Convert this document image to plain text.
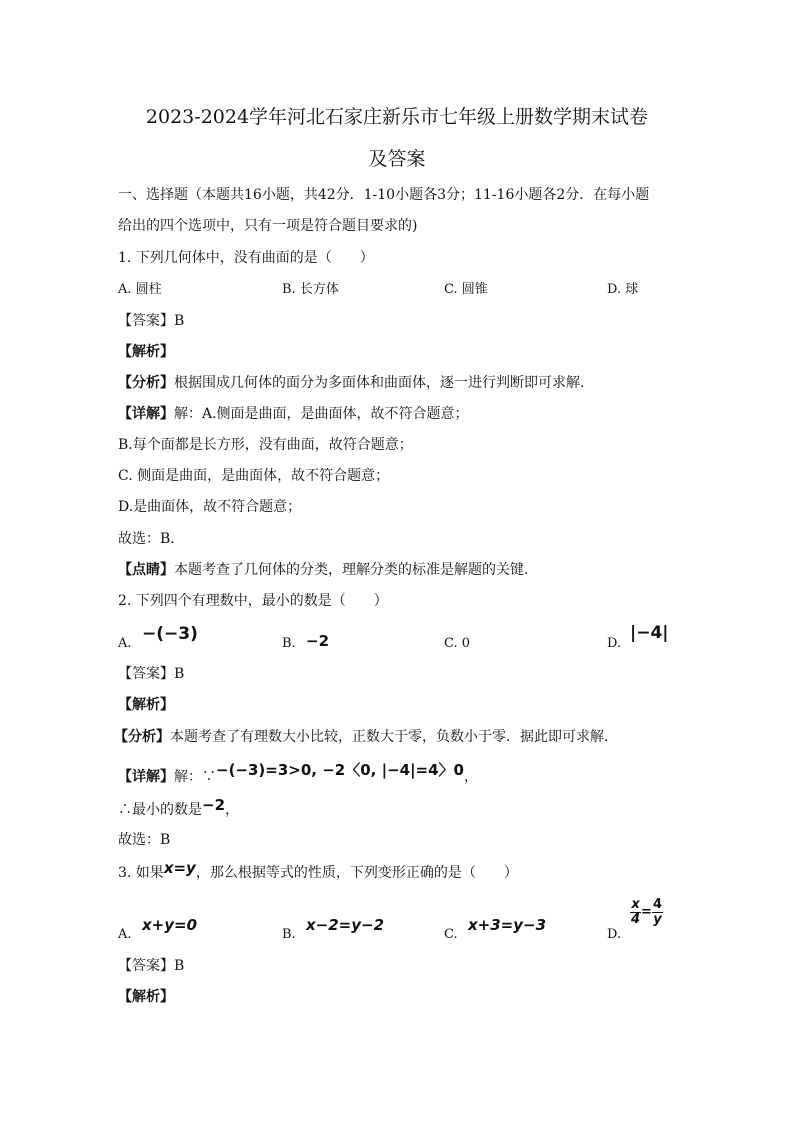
2023-2024学年河北石家庄新乐市七年级上册数学期末试卷
及答案
一、选择题（本题共16小题，共42分．1-10小题各3分；11-16小题各2分．在每小题
给出的四个选项中，只有一项是符合题目要求的)
1. 下列几何体中，没有曲面的是（　　）
A. 圆柱	B. 长方体	C. 圆锥	D. 球
【答案】B
【解析】
【分析】根据围成几何体的面分为多面体和曲面体，逐一进行判断即可求解．
【详解】解：A.侧面是曲面，是曲面体，故不符合题意；
B.每个面都是长方形，没有曲面，故符合题意；
C. 侧面是曲面，是曲面体，故不符合题意；
D.是曲面体，故不符合题意；
故选：B．
【点睛】本题考查了几何体的分类，理解分类的标准是解题的关键．
2. 下列四个有理数中，最小的数是（　　）
A. −(−3)	B. −2	C. 0	D.
|−4|
【答案】B
【解析】
【分析】本题考查了有理数大小比较，正数大于零，负数小于零．据此即可求解．
【详解】解：∵−(−3)=3>0, −2〈0, |−4|=4〉0，
∴最小的数是−2，
故选：B
3. 如果x=y，那么根据等式的性质，下列变形正确的是（　　）
A.
x+y=0
B.
x−2=y−2
C.
x+3=y−3
D.
$\frac{x}{4} = \frac{4}{y}$
【答案】B
【解析】
